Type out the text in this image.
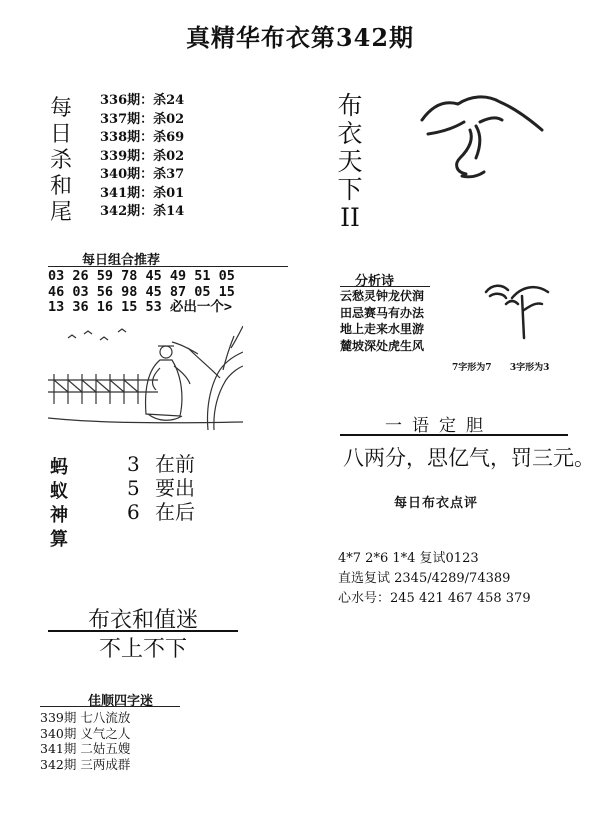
真精华布衣第342期
每
日
杀
和
尾
336期：杀24
337期：杀02
338期：杀69
339期：杀02
340期：杀37
341期：杀01
342期：杀14
每日组合推荐
03 26 59 78 45 49 51 05
46 03 56 98 45 87 05 15
13 36 16 15 53 必出一个>
蚂
蚁
神
算
3 在前
5 要出
6 在后
布衣和值迷
不上不下
佳顺四字迷
339期 七八流放
340期 义气之人
341期 二姑五嫂
342期 三两成群
布
衣
天
下
II
分析诗
云愁灵钟龙伏润
田忌赛马有办法
地上走来水里游
麓坡深处虎生风
7字形为7 3字形为3
一语定胆
八两分，思亿气，罚三元。
每日布衣点评
4*7 2*6 1*4 复试0123
直选复试 2345/4289/74389
心水号：245 421 467 458 379
